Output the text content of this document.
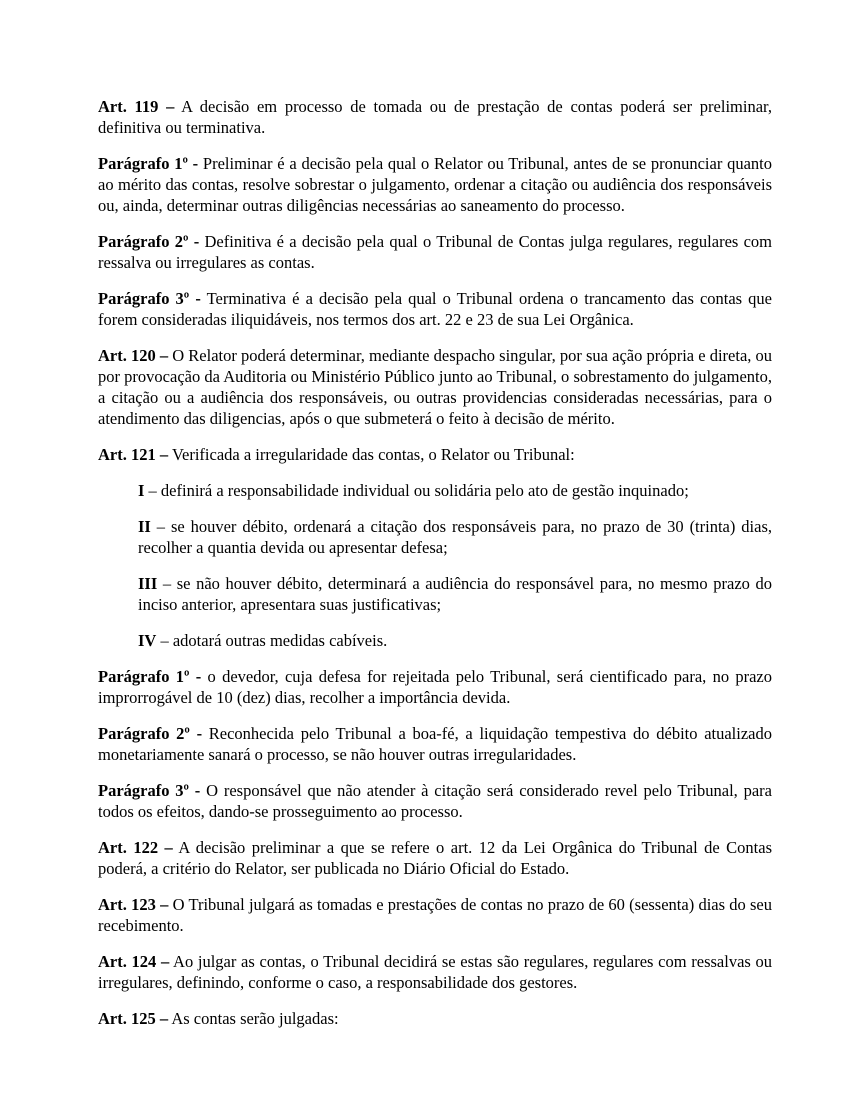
Art. 119 – A decisão em processo de tomada ou de prestação de contas poderá ser preliminar, definitiva ou terminativa.

Parágrafo 1º - Preliminar é a decisão pela qual o Relator ou Tribunal, antes de se pronunciar quanto ao mérito das contas, resolve sobrestar o julgamento, ordenar a citação ou audiência dos responsáveis ou, ainda, determinar outras diligências necessárias ao saneamento do processo.

Parágrafo 2º - Definitiva é a decisão pela qual o Tribunal de Contas julga regulares, regulares com ressalva ou irregulares as contas.

Parágrafo 3º - Terminativa é a decisão pela qual o Tribunal ordena o trancamento das contas que forem consideradas iliquidáveis, nos termos dos art. 22 e 23 de sua Lei Orgânica.

Art. 120 – O Relator poderá determinar, mediante despacho singular, por sua ação própria e direta, ou por provocação da Auditoria ou Ministério Público junto ao Tribunal, o sobrestamento do julgamento, a citação ou a audiência dos responsáveis, ou outras providencias consideradas necessárias, para o atendimento das diligencias, após o que submeterá o feito à decisão de mérito.

Art. 121 – Verificada a irregularidade das contas, o Relator ou Tribunal:

I – definirá a responsabilidade individual ou solidária pelo ato de gestão inquinado;

II – se houver débito, ordenará a citação dos responsáveis para, no prazo de 30 (trinta) dias, recolher a quantia devida ou apresentar defesa;

III – se não houver débito, determinará a audiência do responsável para, no mesmo prazo do inciso anterior, apresentara suas justificativas;

IV – adotará outras medidas cabíveis.

Parágrafo 1º - o devedor, cuja defesa for rejeitada pelo Tribunal, será cientificado para, no prazo improrrogável de 10 (dez) dias, recolher a importância devida.

Parágrafo 2º - Reconhecida pelo Tribunal a boa-fé, a liquidação tempestiva do débito atualizado monetariamente sanará o processo, se não houver outras irregularidades.

Parágrafo 3º - O responsável que não atender à citação será considerado revel pelo Tribunal, para todos os efeitos, dando-se prosseguimento ao processo.

Art. 122 – A decisão preliminar a que se refere o art. 12 da Lei Orgânica do Tribunal de Contas poderá, a critério do Relator, ser publicada no Diário Oficial do Estado.

Art. 123 – O Tribunal julgará as tomadas e prestações de contas no prazo de 60 (sessenta) dias do seu recebimento.

Art. 124 – Ao julgar as contas, o Tribunal decidirá se estas são regulares, regulares com ressalvas ou irregulares, definindo, conforme o caso, a responsabilidade dos gestores.

Art. 125 – As contas serão julgadas:
